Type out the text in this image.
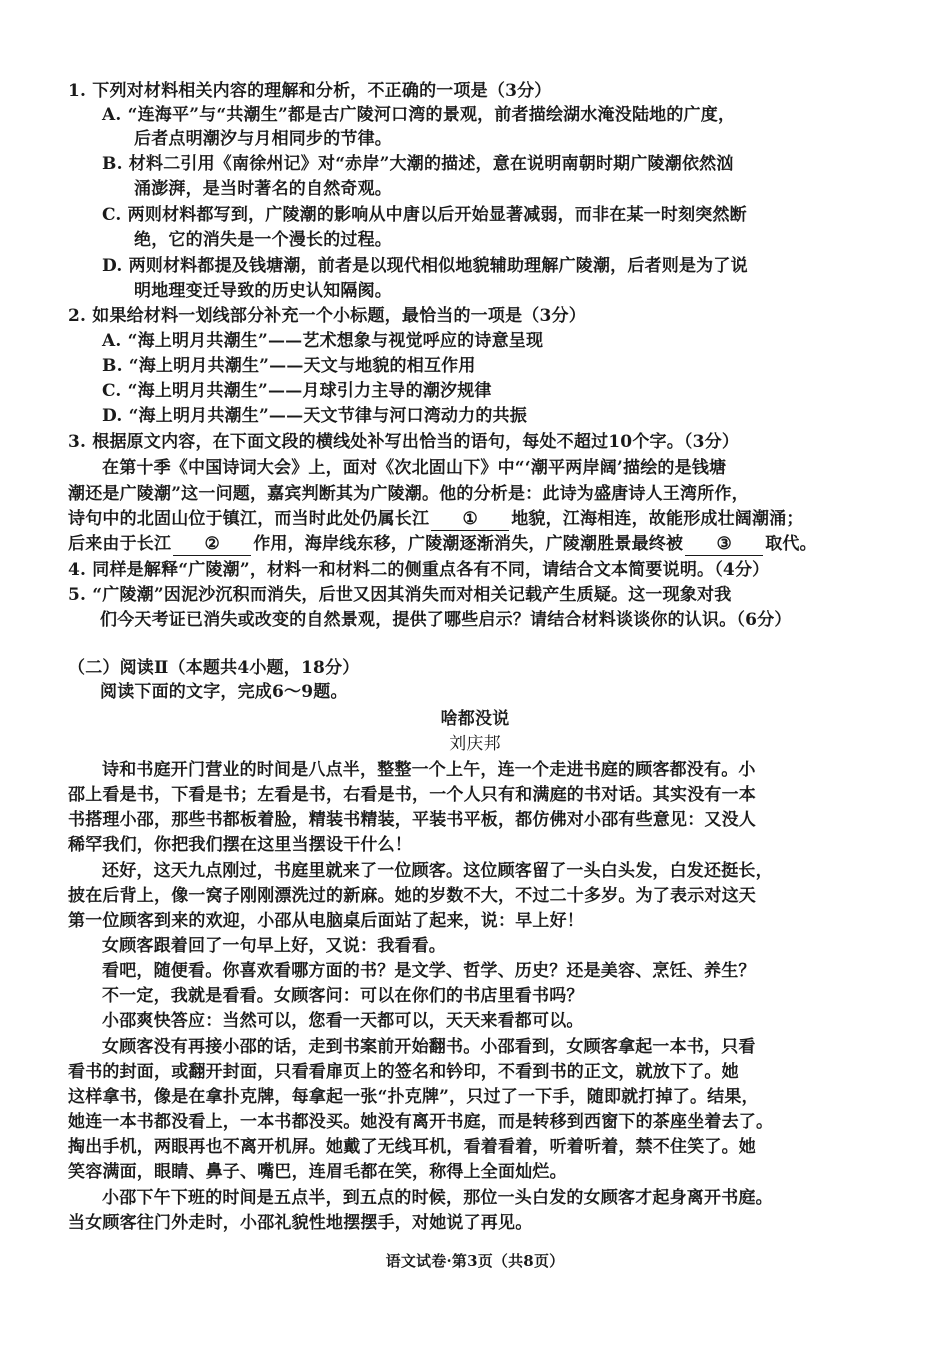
1. 下列对材料相关内容的理解和分析，不正确的一项是（3分）
A. “连海平”与“共潮生”都是古广陵河口湾的景观，前者描绘湖水淹没陆地的广度，
后者点明潮汐与月相同步的节律。
B. 材料二引用《南徐州记》对“赤岸”大潮的描述，意在说明南朝时期广陵潮依然汹
涌澎湃，是当时著名的自然奇观。
C. 两则材料都写到，广陵潮的影响从中唐以后开始显著减弱，而非在某一时刻突然断
绝，它的消失是一个漫长的过程。
D. 两则材料都提及钱塘潮，前者是以现代相似地貌辅助理解广陵潮，后者则是为了说
明地理变迁导致的历史认知隔阂。
2. 如果给材料一划线部分补充一个小标题，最恰当的一项是（3分）
A. “海上明月共潮生”——艺术想象与视觉呼应的诗意呈现
B. “海上明月共潮生”——天文与地貌的相互作用
C. “海上明月共潮生”——月球引力主导的潮汐规律
D. “海上明月共潮生”——天文节律与河口湾动力的共振
3. 根据原文内容，在下面文段的横线处补写出恰当的语句，每处不超过10个字。（3分）
在第十季《中国诗词大会》上，面对《次北固山下》中“‘潮平两岸阔’描绘的是钱塘
潮还是广陵潮”这一问题，嘉宾判断其为广陵潮。他的分析是：此诗为盛唐诗人王湾所作，
诗句中的北固山位于镇江，而当时此处仍属长江 ① 地貌，江海相连，故能形成壮阔潮涌；
后来由于长江 ② 作用，海岸线东移，广陵潮逐渐消失，广陵潮胜景最终被 ③ 取代。
4. 同样是解释“广陵潮”，材料一和材料二的侧重点各有不同，请结合文本简要说明。（4分）
5. “广陵潮”因泥沙沉积而消失，后世又因其消失而对相关记载产生质疑。这一现象对我
们今天考证已消失或改变的自然景观，提供了哪些启示？请结合材料谈谈你的认识。（6分）
（二）阅读Ⅱ（本题共4小题，18分）
阅读下面的文字，完成6～9题。
啥都没说
刘庆邦
诗和书庭开门营业的时间是八点半，整整一个上午，连一个走进书庭的顾客都没有。小
邵上看是书，下看是书；左看是书，右看是书，一个人只有和满庭的书对话。其实没有一本
书搭理小邵，那些书都板着脸，精装书精装，平装书平板，都仿佛对小邵有些意见：又没人
稀罕我们，你把我们摆在这里当摆设干什么！
还好，这天九点刚过，书庭里就来了一位顾客。这位顾客留了一头白头发，白发还挺长，
披在后背上，像一窝子刚刚漂洗过的新麻。她的岁数不大，不过二十多岁。为了表示对这天
第一位顾客到来的欢迎，小邵从电脑桌后面站了起来，说：早上好！
女顾客跟着回了一句早上好，又说：我看看。
看吧，随便看。你喜欢看哪方面的书？是文学、哲学、历史？还是美容、烹饪、养生？
不一定，我就是看看。女顾客问：可以在你们的书店里看书吗？
小邵爽快答应：当然可以，您看一天都可以，天天来看都可以。
女顾客没有再接小邵的话，走到书案前开始翻书。小邵看到，女顾客拿起一本书，只看
看书的封面，或翻开封面，只看看扉页上的签名和钤印，不看到书的正文，就放下了。她
这样拿书，像是在拿扑克牌，每拿起一张“扑克牌”，只过了一下手，随即就打掉了。结果，
她连一本书都没看上，一本书都没买。她没有离开书庭，而是转移到西窗下的茶座坐着去了。
掏出手机，两眼再也不离开机屏。她戴了无线耳机，看着看着，听着听着，禁不住笑了。她
笑容满面，眼睛、鼻子、嘴巴，连眉毛都在笑，称得上全面灿烂。
小邵下午下班的时间是五点半，到五点的时候，那位一头白发的女顾客才起身离开书庭。
当女顾客往门外走时，小邵礼貌性地摆摆手，对她说了再见。
语文试卷·第3页（共8页）
